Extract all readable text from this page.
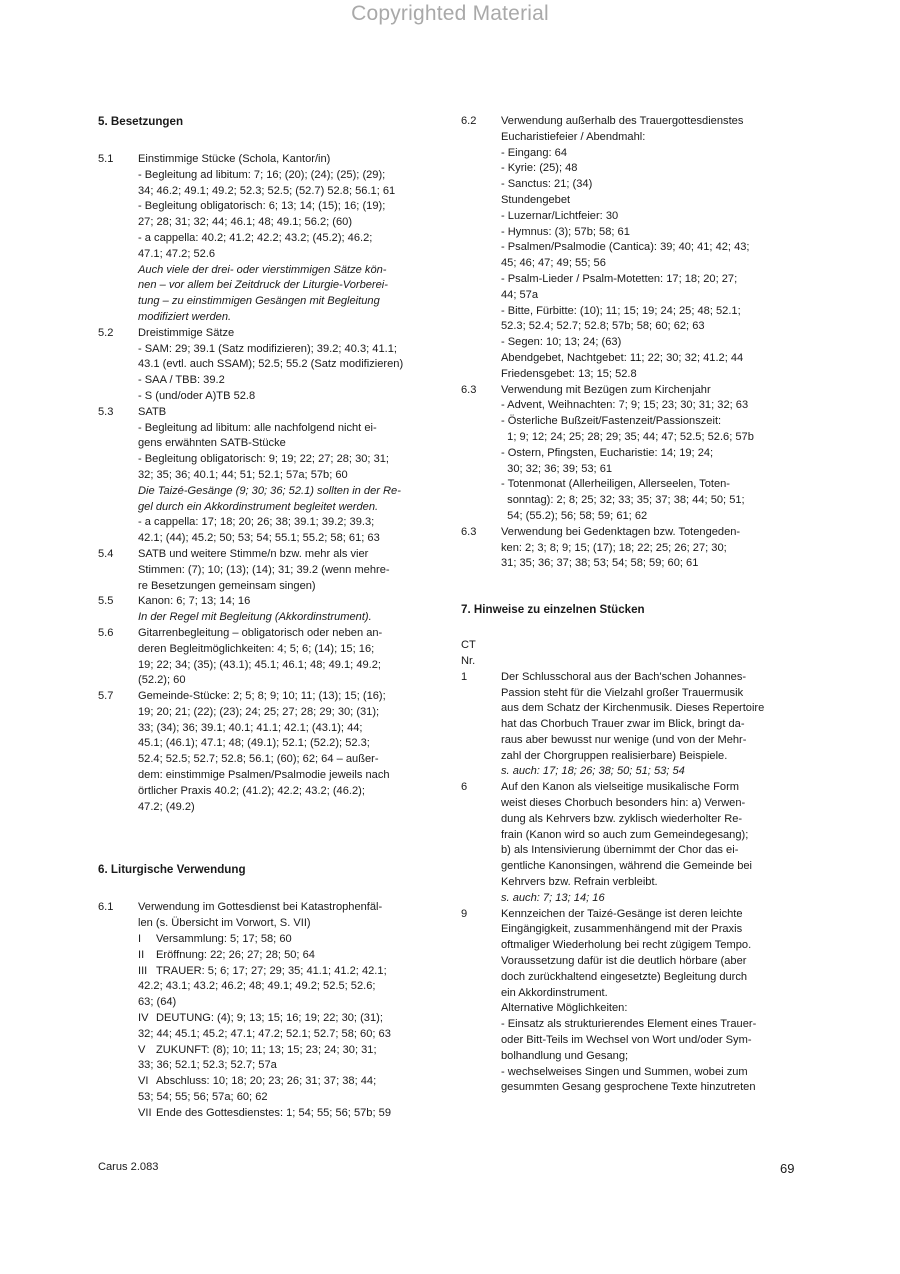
Copyrighted Material
5. Besetzungen
5.1	Einstimmige Stücke (Schola, Kantor/in)
- Begleitung ad libitum: 7; 16; (20); (24); (25); (29);
34; 46.2; 49.1; 49.2; 52.3; 52.5; (52.7) 52.8; 56.1; 61
- Begleitung obligatorisch: 6; 13; 14; (15); 16; (19);
27; 28; 31; 32; 44; 46.1; 48; 49.1; 56.2; (60)
- a cappella: 40.2; 41.2; 42.2; 43.2; (45.2); 46.2;
47.1; 47.2; 52.6
Auch viele der drei- oder vierstimmigen Sätze kön-
nen – vor allem bei Zeitdruck der Liturgie-Vorberei-
tung – zu einstimmigen Gesängen mit Begleitung
modifiziert werden.
5.2	Dreistimmige Sätze
- SAM: 29; 39.1 (Satz modifizieren); 39.2; 40.3; 41.1;
43.1 (evtl. auch SSAM); 52.5; 55.2 (Satz modifizieren)
- SAA / TBB: 39.2
- S (und/oder A)TB 52.8
5.3	SATB
- Begleitung ad libitum: alle nachfolgend nicht ei-
gens erwähnten SATB-Stücke
- Begleitung obligatorisch: 9; 19; 22; 27; 28; 30; 31;
32; 35; 36; 40.1; 44; 51; 52.1; 57a; 57b; 60
Die Taizé-Gesänge (9; 30; 36; 52.1) sollten in der Re-
gel durch ein Akkordinstrument begleitet werden.
- a cappella: 17; 18; 20; 26; 38; 39.1; 39.2; 39.3;
42.1; (44); 45.2; 50; 53; 54; 55.1; 55.2; 58; 61; 63
5.4	SATB und weitere Stimme/n bzw. mehr als vier
Stimmen: (7); 10; (13); (14); 31; 39.2 (wenn mehre-
re Besetzungen gemeinsam singen)
5.5	Kanon: 6; 7; 13; 14; 16
In der Regel mit Begleitung (Akkordinstrument).
5.6	Gitarrenbegleitung – obligatorisch oder neben an-
deren Begleitmöglichkeiten: 4; 5; 6; (14); 15; 16;
19; 22; 34; (35); (43.1); 45.1; 46.1; 48; 49.1; 49.2;
(52.2); 60
5.7	Gemeinde-Stücke: 2; 5; 8; 9; 10; 11; (13); 15; (16);
19; 20; 21; (22); (23); 24; 25; 27; 28; 29; 30; (31);
33; (34); 36; 39.1; 40.1; 41.1; 42.1; (43.1); 44;
45.1; (46.1); 47.1; 48; (49.1); 52.1; (52.2); 52.3;
52.4; 52.5; 52.7; 52.8; 56.1; (60); 62; 64 – außer-
dem: einstimmige Psalmen/Psalmodie jeweils nach
örtlicher Praxis 40.2; (41.2); 42.2; 43.2; (46.2);
47.2; (49.2)
6. Liturgische Verwendung
6.1	Verwendung im Gottesdienst bei Katastrophenfäl-
len (s. Übersicht im Vorwort, S. VII)
I	Versammlung: 5; 17; 58; 60
II	Eröffnung: 22; 26; 27; 28; 50; 64
III TRAUER: 5; 6; 17; 27; 29; 35; 41.1; 41.2; 42.1;
42.2; 43.1; 43.2; 46.2; 48; 49.1; 49.2; 52.5; 52.6;
63; (64)
IV DEUTUNG: (4); 9; 13; 15; 16; 19; 22; 30; (31);
32; 44; 45.1; 45.2; 47.1; 47.2; 52.1; 52.7; 58; 60; 63
V ZUKUNFT: (8); 10; 11; 13; 15; 23; 24; 30; 31;
33; 36; 52.1; 52.3; 52.7; 57a
VI Abschluss: 10; 18; 20; 23; 26; 31; 37; 38; 44;
53; 54; 55; 56; 57a; 60; 62
VII Ende des Gottesdienstes: 1; 54; 55; 56; 57b; 59
6.2	Verwendung außerhalb des Trauergottesdienstes
Eucharistiefeier / Abendmahl:
- Eingang: 64
- Kyrie: (25); 48
- Sanctus: 21; (34)
Stundengebet
- Luzernar/Lichtfeier: 30
- Hymnus: (3); 57b; 58; 61
- Psalmen/Psalmodie (Cantica): 39; 40; 41; 42; 43;
45; 46; 47; 49; 55; 56
- Psalm-Lieder / Psalm-Motetten: 17; 18; 20; 27;
44; 57a
- Bitte, Fürbitte: (10); 11; 15; 19; 24; 25; 48; 52.1;
52.3; 52.4; 52.7; 52.8; 57b; 58; 60; 62; 63
- Segen: 10; 13; 24; (63)
Abendgebet, Nachtgebet: 11; 22; 30; 32; 41.2; 44
Friedensgebet: 13; 15; 52.8
6.3	Verwendung mit Bezügen zum Kirchenjahr
- Advent, Weihnachten: 7; 9; 15; 23; 30; 31; 32; 63
- Österliche Bußzeit/Fastenzeit/Passionszeit:
1; 9; 12; 24; 25; 28; 29; 35; 44; 47; 52.5; 52.6; 57b
- Ostern, Pfingsten, Eucharistie: 14; 19; 24;
30; 32; 36; 39; 53; 61
- Totenmonat (Allerheiligen, Allerseelen, Toten-
sonntag): 2; 8; 25; 32; 33; 35; 37; 38; 44; 50; 51;
54; (55.2); 56; 58; 59; 61; 62
6.3	Verwendung bei Gedenktagen bzw. Totengeden-
ken: 2; 3; 8; 9; 15; (17); 18; 22; 25; 26; 27; 30;
31; 35; 36; 37; 38; 53; 54; 58; 59; 60; 61
7. Hinweise zu einzelnen Stücken
CT
Nr.
1	Der Schlusschoral aus der Bach'schen Johannes-
Passion steht für die Vielzahl großer Trauermusik
aus dem Schatz der Kirchenmusik. Dieses Repertoire
hat das Chorbuch Trauer zwar im Blick, bringt da-
raus aber bewusst nur wenige (und von der Mehr-
zahl der Chorgruppen realisierbare) Beispiele.
s. auch: 17; 18; 26; 38; 50; 51; 53; 54
6	Auf den Kanon als vielseitige musikalische Form
weist dieses Chorbuch besonders hin: a) Verwen-
dung als Kehrvers bzw. zyklisch wiederholter Re-
frain (Kanon wird so auch zum Gemeindegesang);
b) als Intensivierung übernimmt der Chor das ei-
gentliche Kanonsingen, während die Gemeinde bei
Kehrvers bzw. Refrain verbleibt.
s. auch: 7; 13; 14; 16
9	Kennzeichen der Taizé-Gesänge ist deren leichte
Eingängigkeit, zusammenhängend mit der Praxis
oftmaliger Wiederholung bei recht zügigem Tempo.
Voraussetzung dafür ist die deutlich hörbare (aber
doch zurückhaltend eingesetzte) Begleitung durch
ein Akkordinstrument.
Alternative Möglichkeiten:
- Einsatz als strukturierendes Element eines Trauer-
oder Bitt-Teils im Wechsel von Wort und/oder Sym-
bolhandlung und Gesang;
- wechselweises Singen und Summen, wobei zum
gesummten Gesang gesprochene Texte hinzutreten
Carus 2.083	69
